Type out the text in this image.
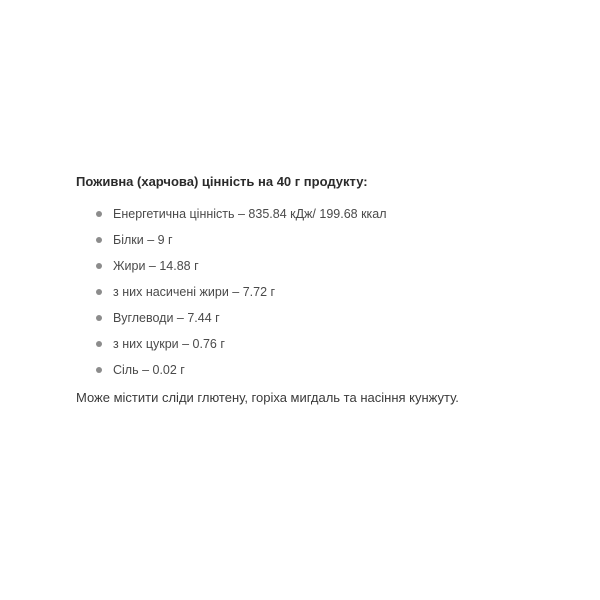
Поживна (харчова) цінність на 40 г продукту:

Енергетична цінність – 835.84 кДж/ 199.68 ккал
Білки – 9 г
Жири – 14.88 г
з них насичені жири – 7.72 г
Вуглеводи – 7.44 г
з них цукри – 0.76 г
Сіль – 0.02 г

Може містити сліди глютену, горіха мигдаль та насіння кунжуту.
